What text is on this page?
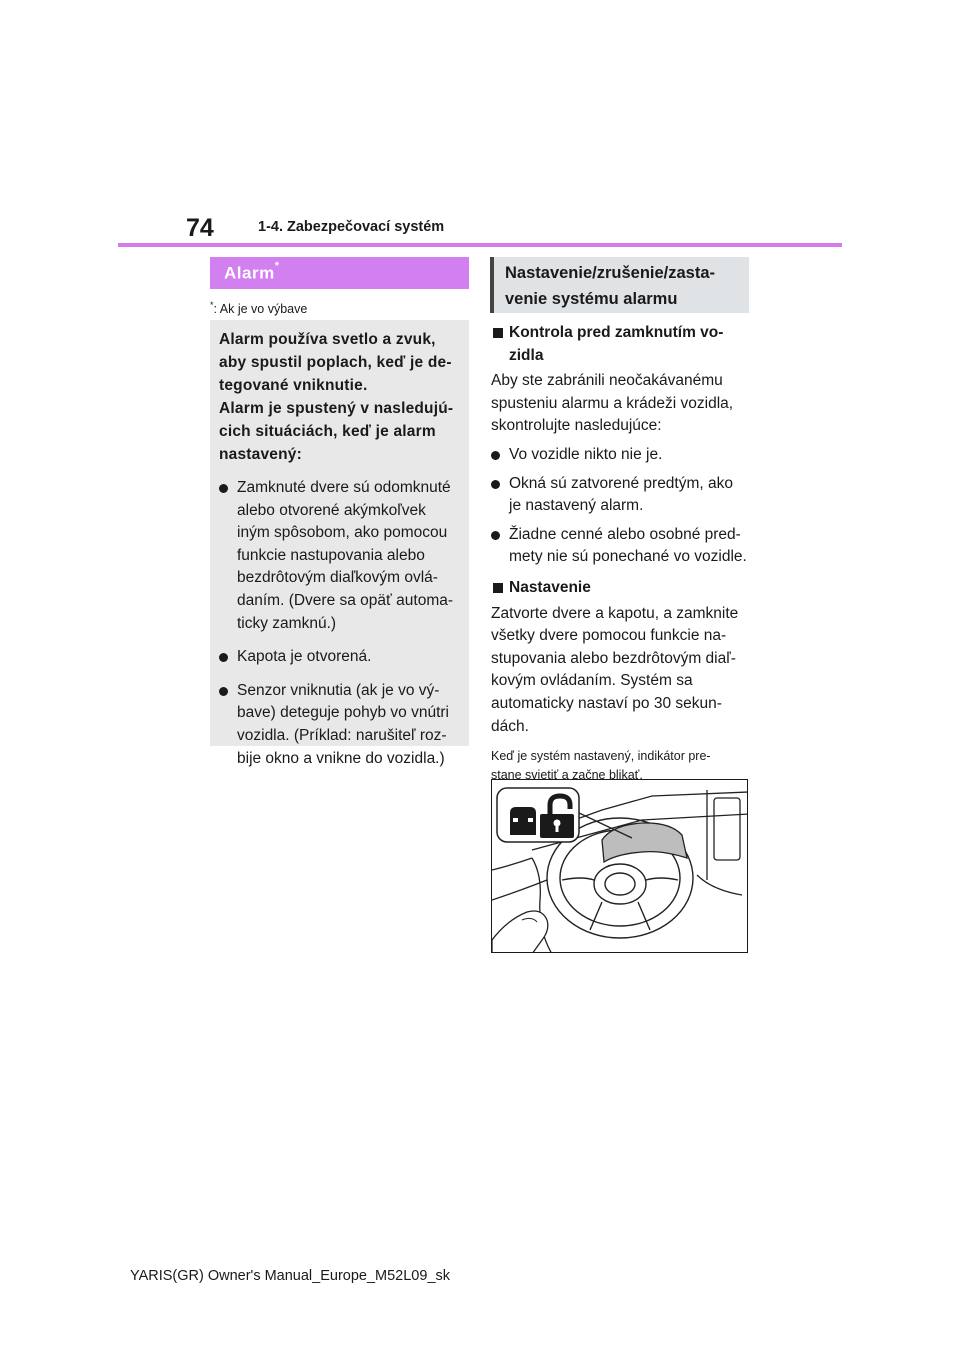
74	1-4. Zabezpečovací systém
Alarm*
*: Ak je vo výbave
Alarm používa svetlo a zvuk,
aby spustil poplach, keď je de-
tegované vniknutie.
Alarm je spustený v nasledujú-
cich situáciách, keď je alarm
nastavený:
Zamknuté dvere sú odomknuté
alebo otvorené akýmkoľvek
iným spôsobom, ako pomocou
funkcie nastupovania alebo
bezdrôtovým diaľkovým ovlá-
daním. (Dvere sa opäť automa-
ticky zamknú.)
Kapota je otvorená.
Senzor vniknutia (ak je vo vý-
bave) deteguje pohyb vo vnútri
vozidla. (Príklad: narušiteľ roz-
bije okno a vnikne do vozidla.)
Nastavenie/zrušenie/zasta-
venie systému alarmu
Kontrola pred zamknutím vo-
zidla
Aby ste zabránili neočakávanému
spusteniu alarmu a krádeži vozidla,
skontrolujte nasledujúce:
Vo vozidle nikto nie je.
Okná sú zatvorené predtým, ako
je nastavený alarm.
Žiadne cenné alebo osobné pred-
mety nie sú ponechané vo vozidle.
Nastavenie
Zatvorte dvere a kapotu, a zamknite
všetky dvere pomocou funkcie na-
stupovania alebo bezdrôtovým diaľ-
kovým ovládaním. Systém sa
automaticky nastaví po 30 sekun-
dách.
Keď je systém nastavený, indikátor pre-
stane svietiť a začne blikať.
YARIS(GR) Owner's Manual_Europe_M52L09_sk
